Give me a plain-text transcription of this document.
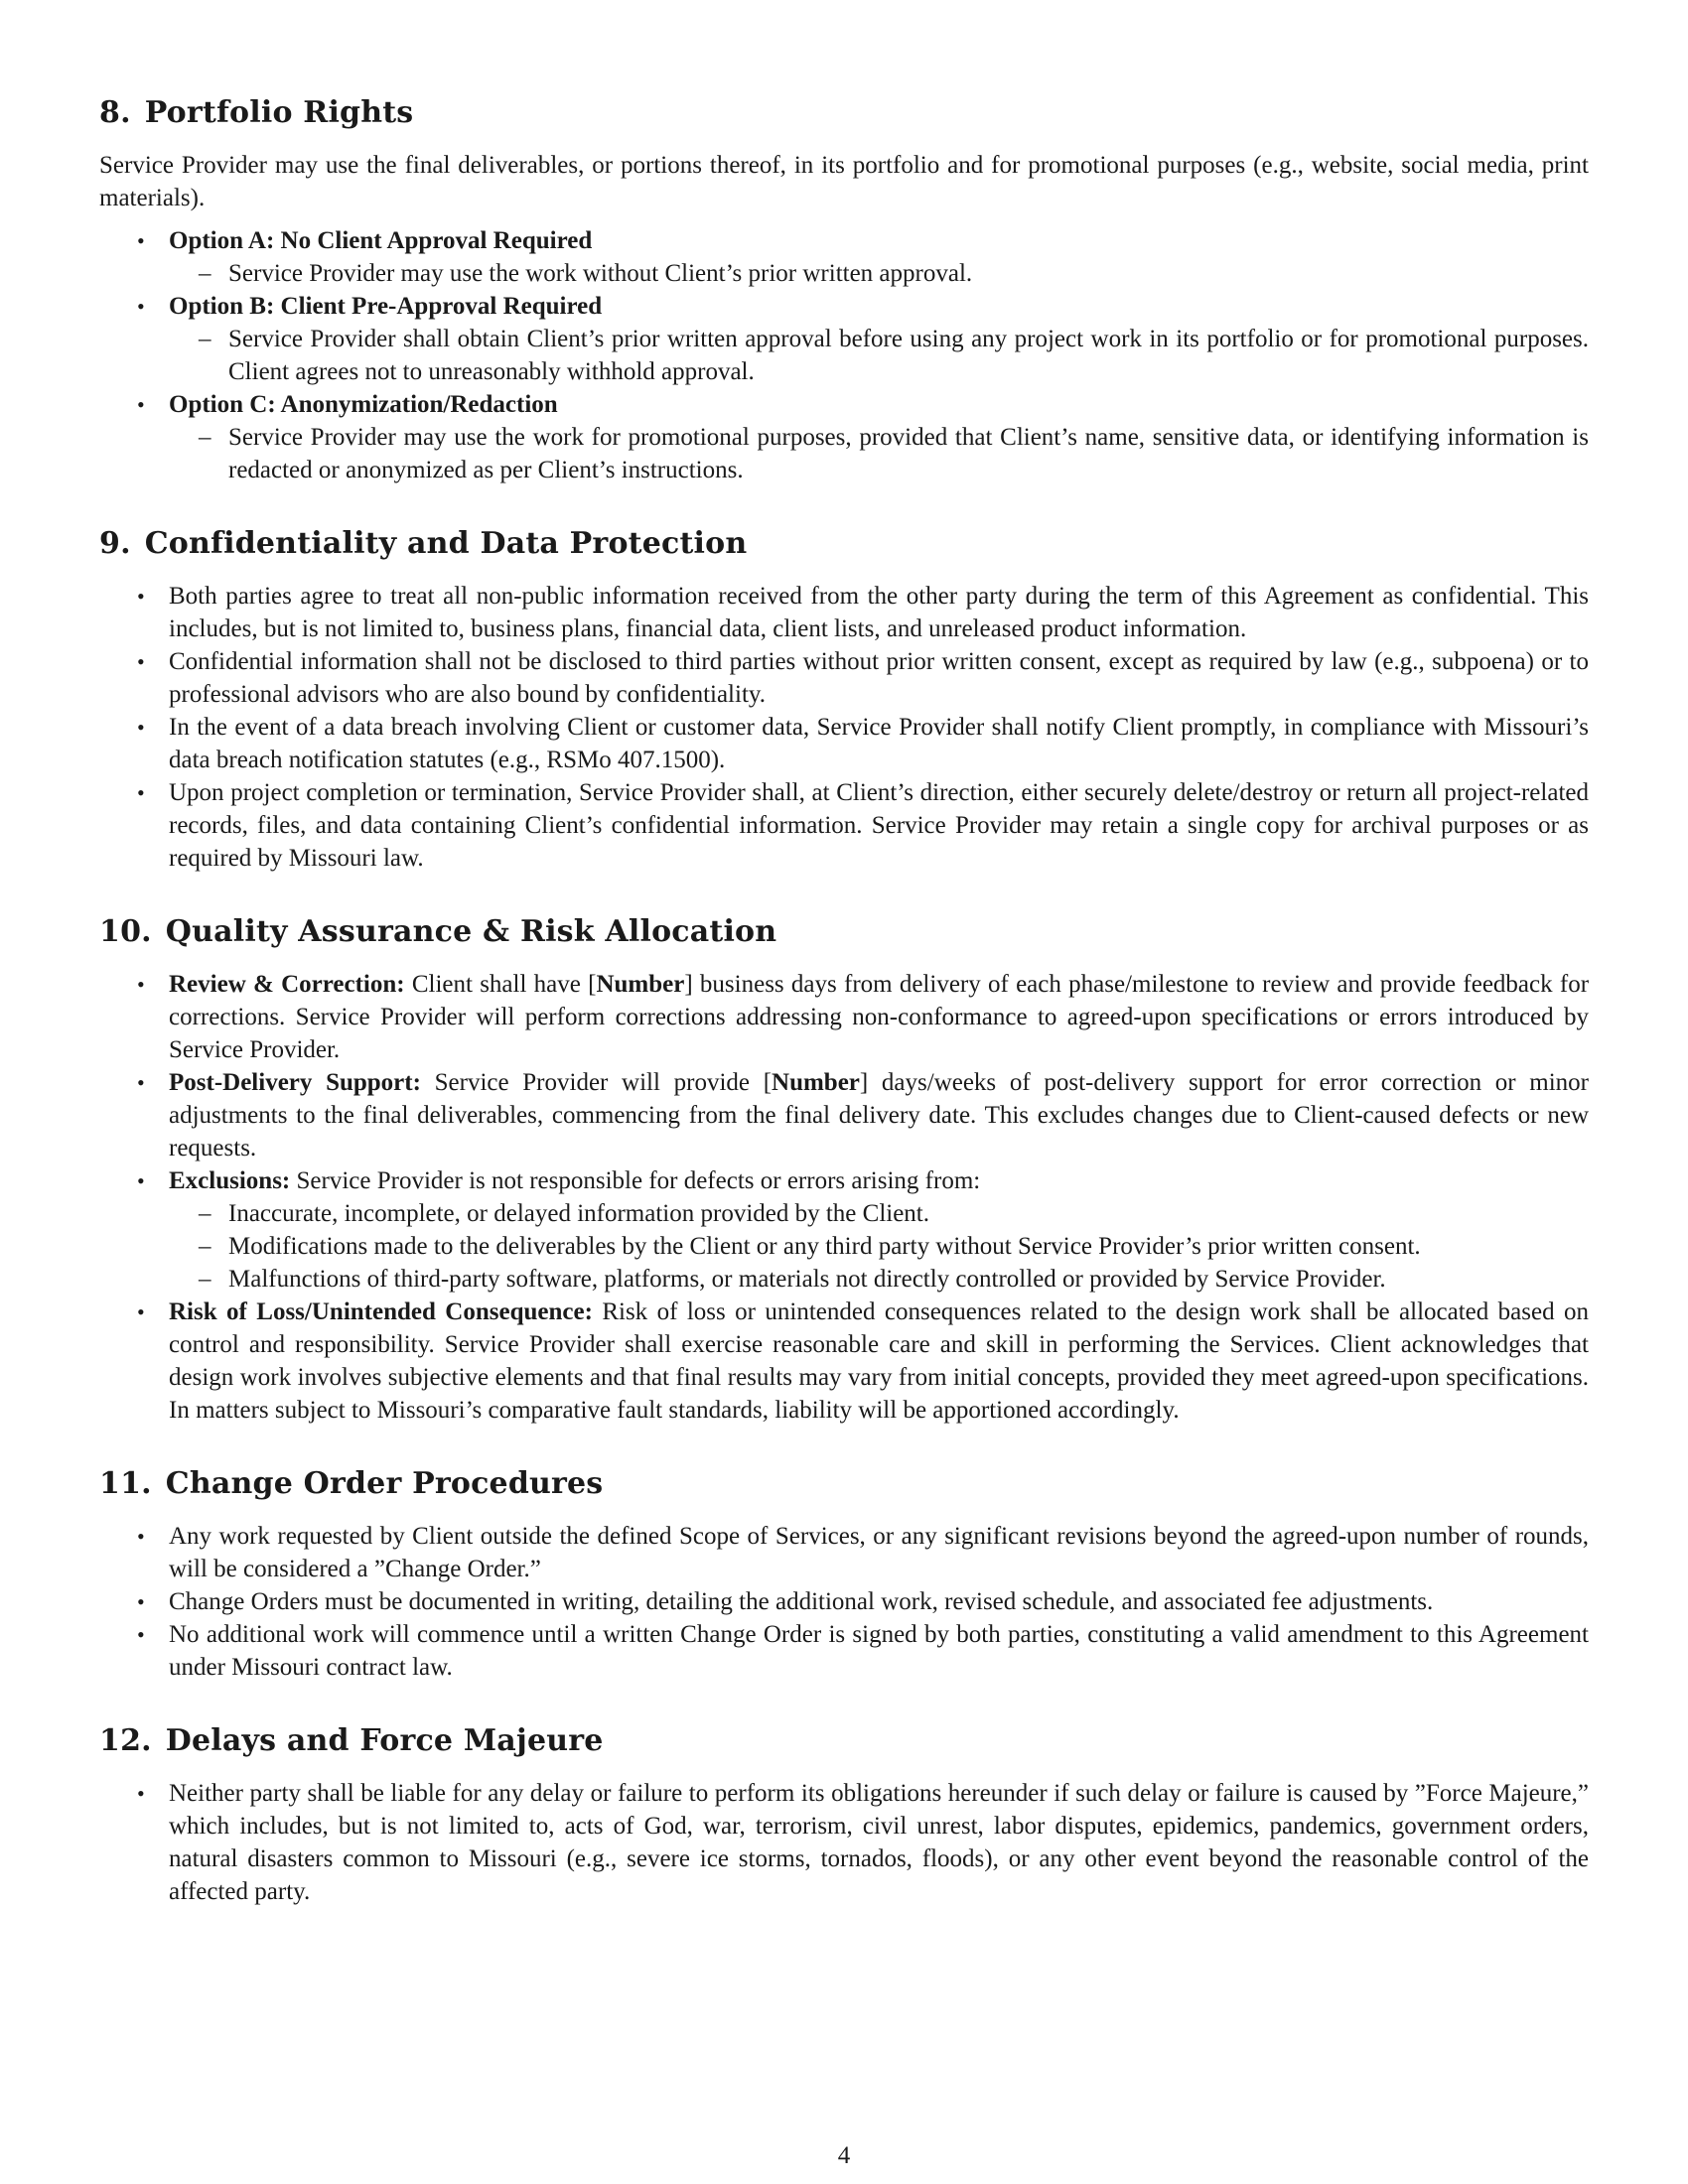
8. Portfolio Rights

Service Provider may use the final deliverables, or portions thereof, in its portfolio and for promotional purposes (e.g., website, social media, print materials).

• Option A: No Client Approval Required
– Service Provider may use the work without Client’s prior written approval.
• Option B: Client Pre-Approval Required
– Service Provider shall obtain Client’s prior written approval before using any project work in its portfolio or for promotional purposes. Client agrees not to unreasonably withhold approval.
• Option C: Anonymization/Redaction
– Service Provider may use the work for promotional purposes, provided that Client’s name, sensitive data, or identifying information is redacted or anonymized as per Client’s instructions.
9. Confidentiality and Data Protection
• Both parties agree to treat all non-public information received from the other party during the term of this Agreement as confidential. This includes, but is not limited to, business plans, financial data, client lists, and unreleased product information.
• Confidential information shall not be disclosed to third parties without prior written consent, except as required by law (e.g., subpoena) or to professional advisors who are also bound by confidentiality.
• In the event of a data breach involving Client or customer data, Service Provider shall notify Client promptly, in compliance with Missouri’s data breach notification statutes (e.g., RSMo 407.1500).
• Upon project completion or termination, Service Provider shall, at Client’s direction, either securely delete/destroy or return all project-related records, files, and data containing Client’s confidential information. Service Provider may retain a single copy for archival purposes or as required by Missouri law.
10. Quality Assurance & Risk Allocation
• Review & Correction: Client shall have [Number] business days from delivery of each phase/milestone to review and provide feedback for corrections. Service Provider will perform corrections addressing non-conformance to agreed-upon specifications or errors introduced by Service Provider.
• Post-Delivery Support: Service Provider will provide [Number] days/weeks of post-delivery support for error correction or minor adjustments to the final deliverables, commencing from the final delivery date. This excludes changes due to Client-caused defects or new requests.
• Exclusions: Service Provider is not responsible for defects or errors arising from:
– Inaccurate, incomplete, or delayed information provided by the Client.
– Modifications made to the deliverables by the Client or any third party without Service Provider’s prior written consent.
– Malfunctions of third-party software, platforms, or materials not directly controlled or provided by Service Provider.
• Risk of Loss/Unintended Consequence: Risk of loss or unintended consequences related to the design work shall be allocated based on control and responsibility. Service Provider shall exercise reasonable care and skill in performing the Services. Client acknowledges that design work involves subjective elements and that final results may vary from initial concepts, provided they meet agreed-upon specifications. In matters subject to Missouri’s comparative fault standards, liability will be apportioned accordingly.
11. Change Order Procedures
• Any work requested by Client outside the defined Scope of Services, or any significant revisions beyond the agreed-upon number of rounds, will be considered a ”Change Order.”
• Change Orders must be documented in writing, detailing the additional work, revised schedule, and associated fee adjustments.
• No additional work will commence until a written Change Order is signed by both parties, constituting a valid amendment to this Agreement under Missouri contract law.
12. Delays and Force Majeure
• Neither party shall be liable for any delay or failure to perform its obligations hereunder if such delay or failure is caused by ”Force Majeure,” which includes, but is not limited to, acts of God, war, terrorism, civil unrest, labor disputes, epidemics, pandemics, government orders, natural disasters common to Missouri (e.g., severe ice storms, tornados, floods), or any other event beyond the reasonable control of the affected party.
4
